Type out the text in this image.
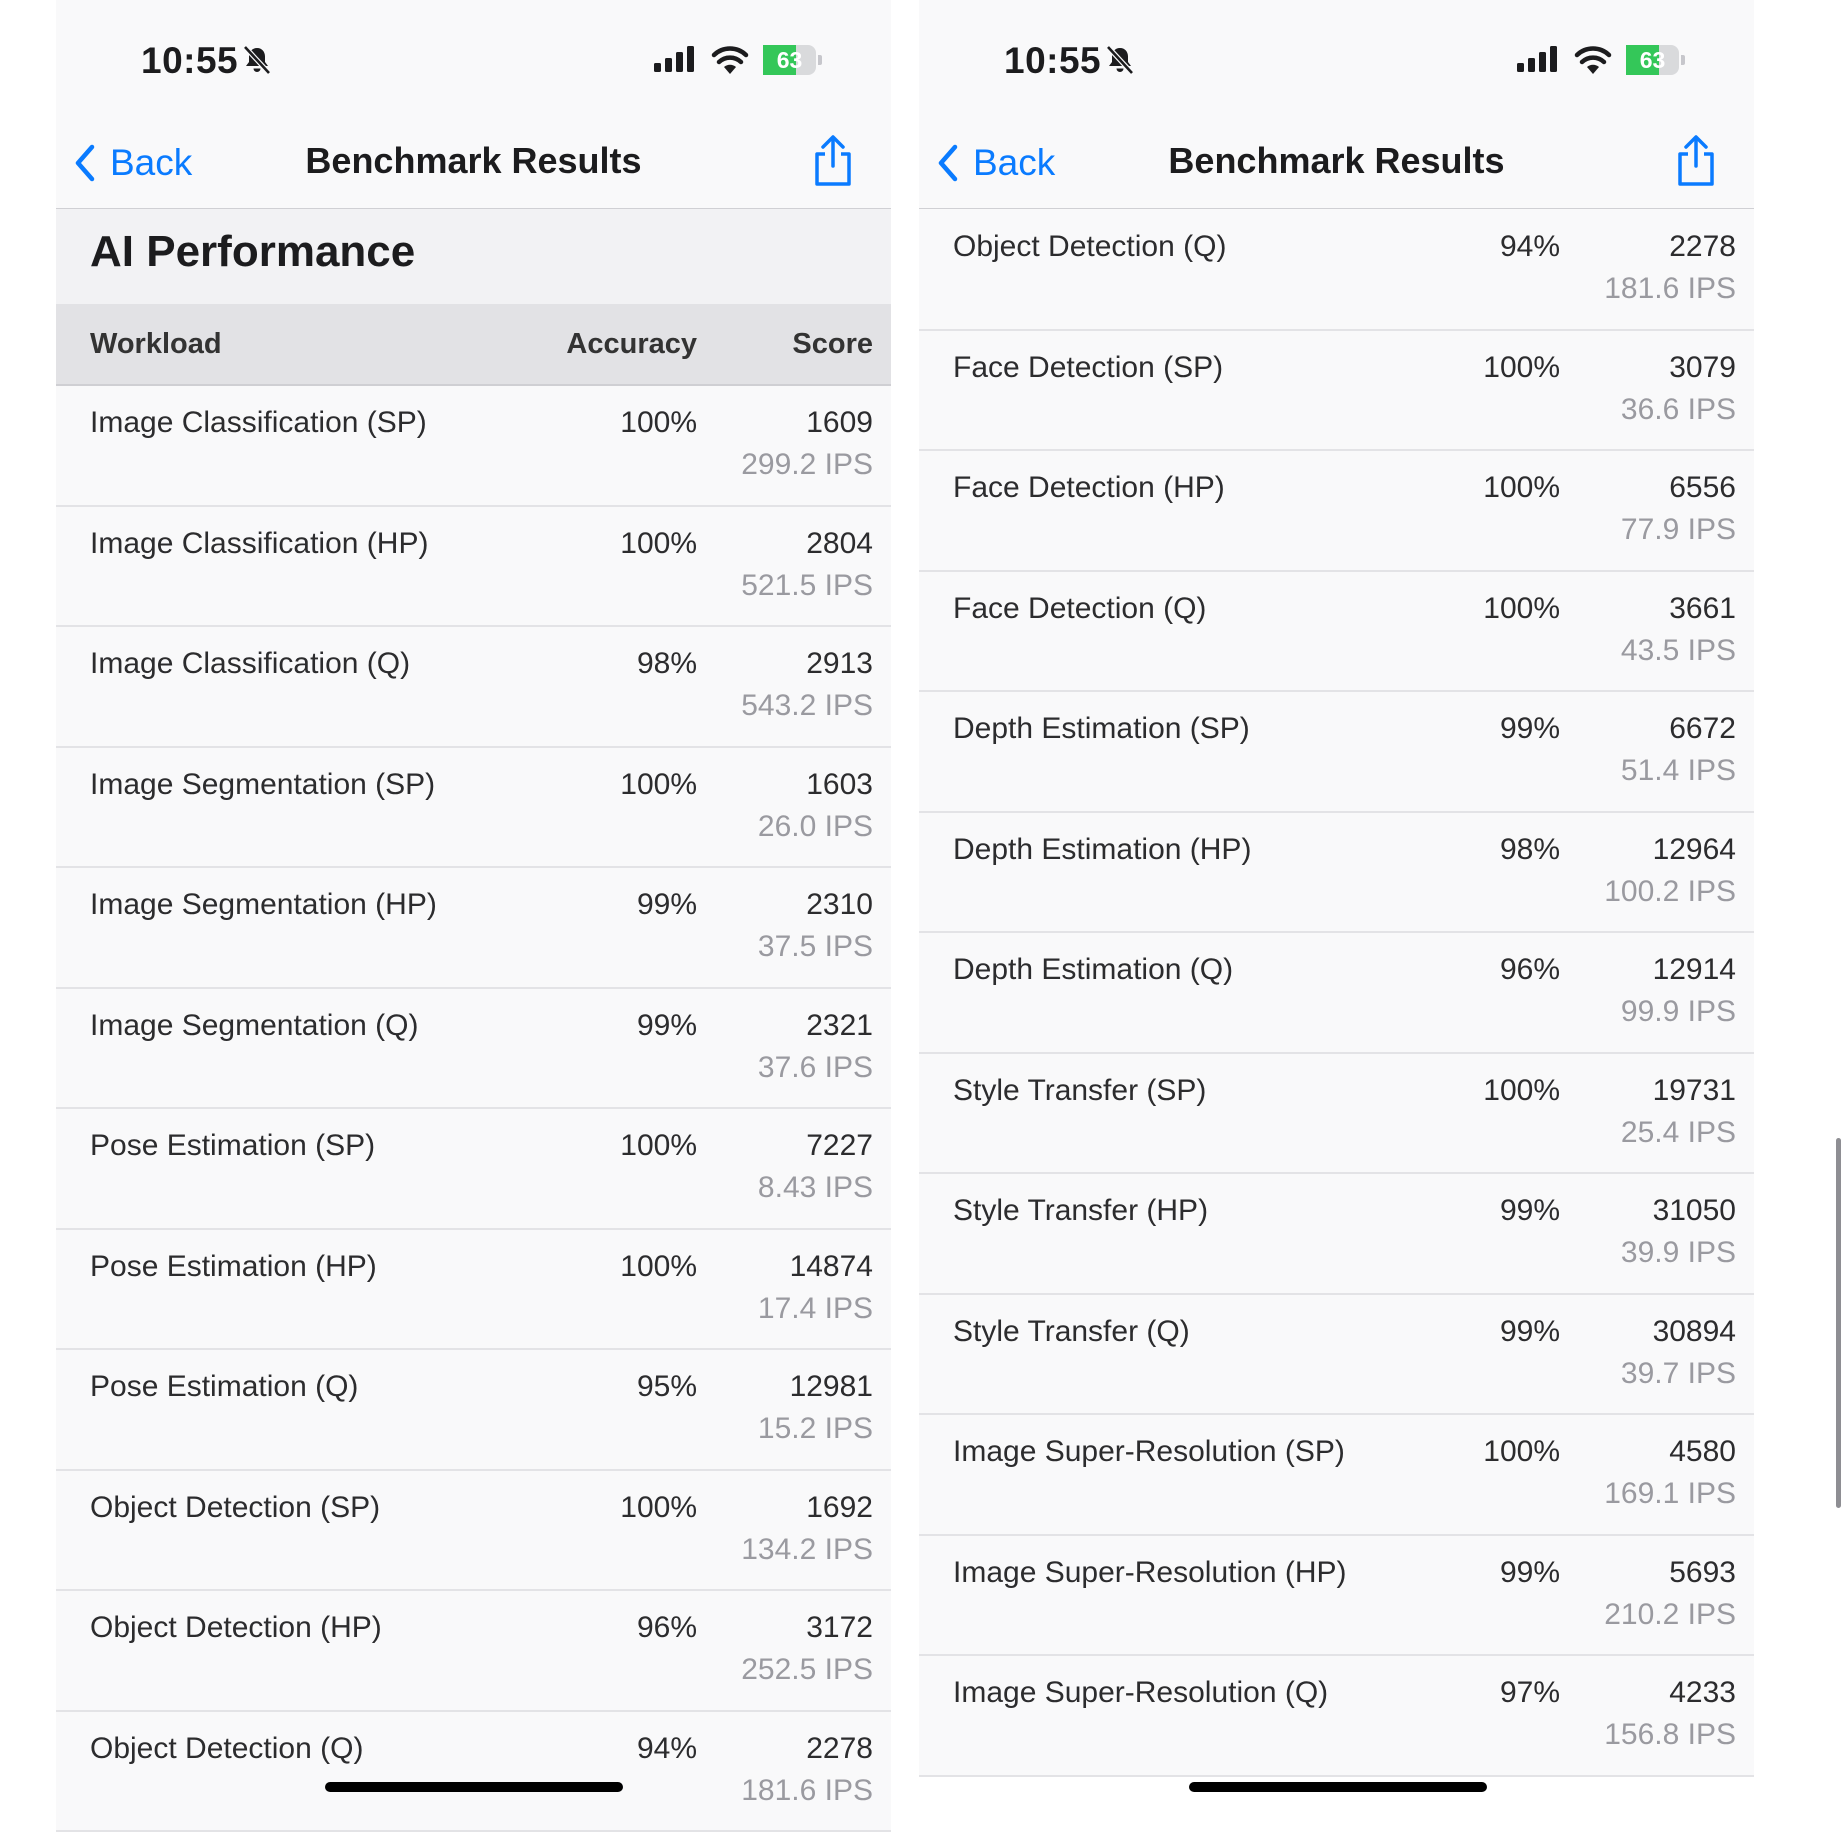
10:55	63
Back	Benchmark Results
AI Performance
Workload	Accuracy	Score
Image Classification (SP)	100%	1609
299.2 IPS
Image Classification (HP)	100%	2804
521.5 IPS
Image Classification (Q)	98%	2913
543.2 IPS
Image Segmentation (SP)	100%	1603
26.0 IPS
Image Segmentation (HP)	99%	2310
37.5 IPS
Image Segmentation (Q)	99%	2321
37.6 IPS
Pose Estimation (SP)	100%	7227
8.43 IPS
Pose Estimation (HP)	100%	14874
17.4 IPS
Pose Estimation (Q)	95%	12981
15.2 IPS
Object Detection (SP)	100%	1692
134.2 IPS
Object Detection (HP)	96%	3172
252.5 IPS
Object Detection (Q)	94%	2278
181.6 IPS
10:55	63
Back	Benchmark Results
Object Detection (Q)	94%	2278
181.6 IPS
Face Detection (SP)	100%	3079
36.6 IPS
Face Detection (HP)	100%	6556
77.9 IPS
Face Detection (Q)	100%	3661
43.5 IPS
Depth Estimation (SP)	99%	6672
51.4 IPS
Depth Estimation (HP)	98%	12964
100.2 IPS
Depth Estimation (Q)	96%	12914
99.9 IPS
Style Transfer (SP)	100%	19731
25.4 IPS
Style Transfer (HP)	99%	31050
39.9 IPS
Style Transfer (Q)	99%	30894
39.7 IPS
Image Super-Resolution (SP)	100%	4580
169.1 IPS
Image Super-Resolution (HP)	99%	5693
210.2 IPS
Image Super-Resolution (Q)	97%	4233
156.8 IPS
